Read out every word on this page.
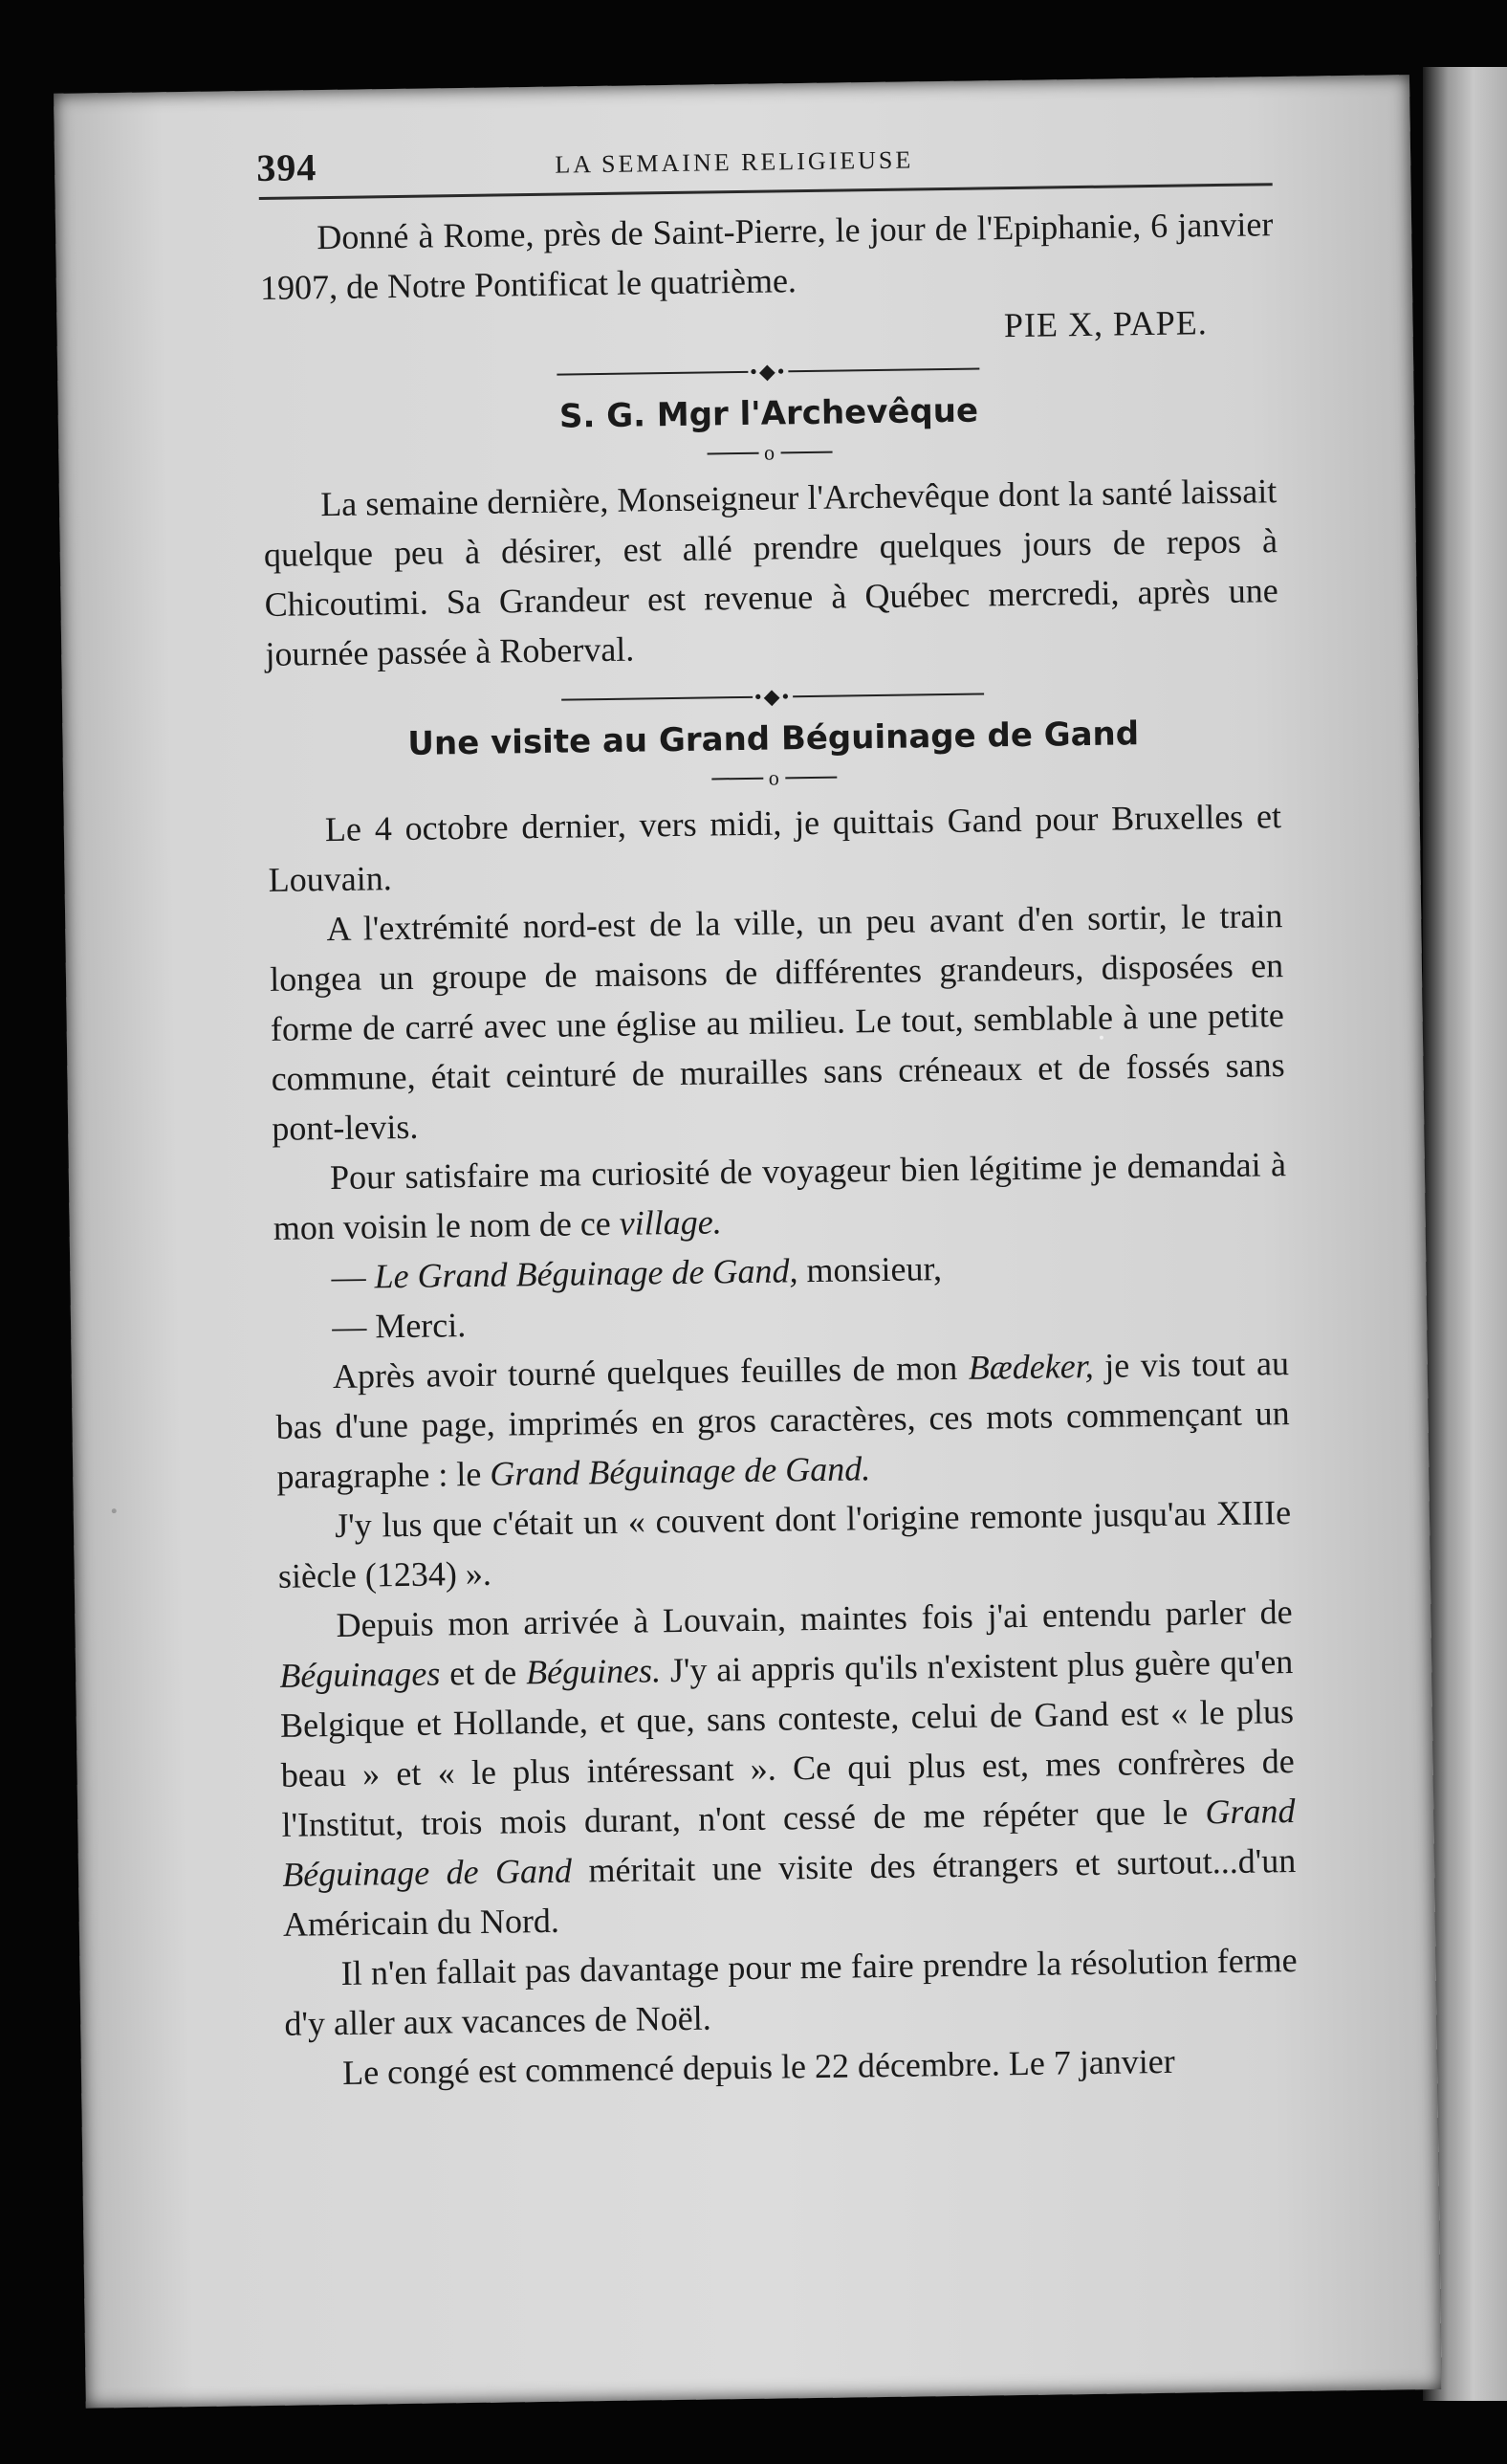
394	LA SEMAINE RELIGIEUSE

Donné à Rome, près de Saint-Pierre, le jour de l'Epiphanie, 6 janvier 1907, de Notre Pontificat le quatrième.

PIE X, PAPE.
•◆•
S. G. Mgr l'Archevêque
o

La semaine dernière, Monseigneur l'Archevêque dont la santé laissait quelque peu à désirer, est allé prendre quelques jours de repos à Chicoutimi. Sa Grandeur est revenue à Québec mercredi, après une journée passée à Roberval.

•◆•
Une visite au Grand Béguinage de Gand
o

Le 4 octobre dernier, vers midi, je quittais Gand pour Bruxelles et Louvain.

A l'extrémité nord-est de la ville, un peu avant d'en sortir, le train longea un groupe de maisons de différentes grandeurs, disposées en forme de carré avec une église au milieu. Le tout, semblable à une petite commune, était ceinturé de murailles sans créneaux et de fossés sans pont-levis.

Pour satisfaire ma curiosité de voyageur bien légitime je demandai à mon voisin le nom de ce village.

— Le Grand Béguinage de Gand, monsieur,

— Merci.

Après avoir tourné quelques feuilles de mon Bædeker, je vis tout au bas d'une page, imprimés en gros caractères, ces mots commençant un paragraphe : le Grand Béguinage de Gand.

J'y lus que c'était un « couvent dont l'origine remonte jusqu'au XIIIe siècle (1234) ».

Depuis mon arrivée à Louvain, maintes fois j'ai entendu parler de Béguinages et de Béguines. J'y ai appris qu'ils n'existent plus guère qu'en Belgique et Hollande, et que, sans conteste, celui de Gand est « le plus beau » et « le plus intéressant ». Ce qui plus est, mes confrères de l'Institut, trois mois durant, n'ont cessé de me répéter que le Grand Béguinage de Gand méritait une visite des étrangers et surtout...d'un Américain du Nord.

Il n'en fallait pas davantage pour me faire prendre la résolution ferme d'y aller aux vacances de Noël.

Le congé est commencé depuis le 22 décembre. Le 7 janvier
